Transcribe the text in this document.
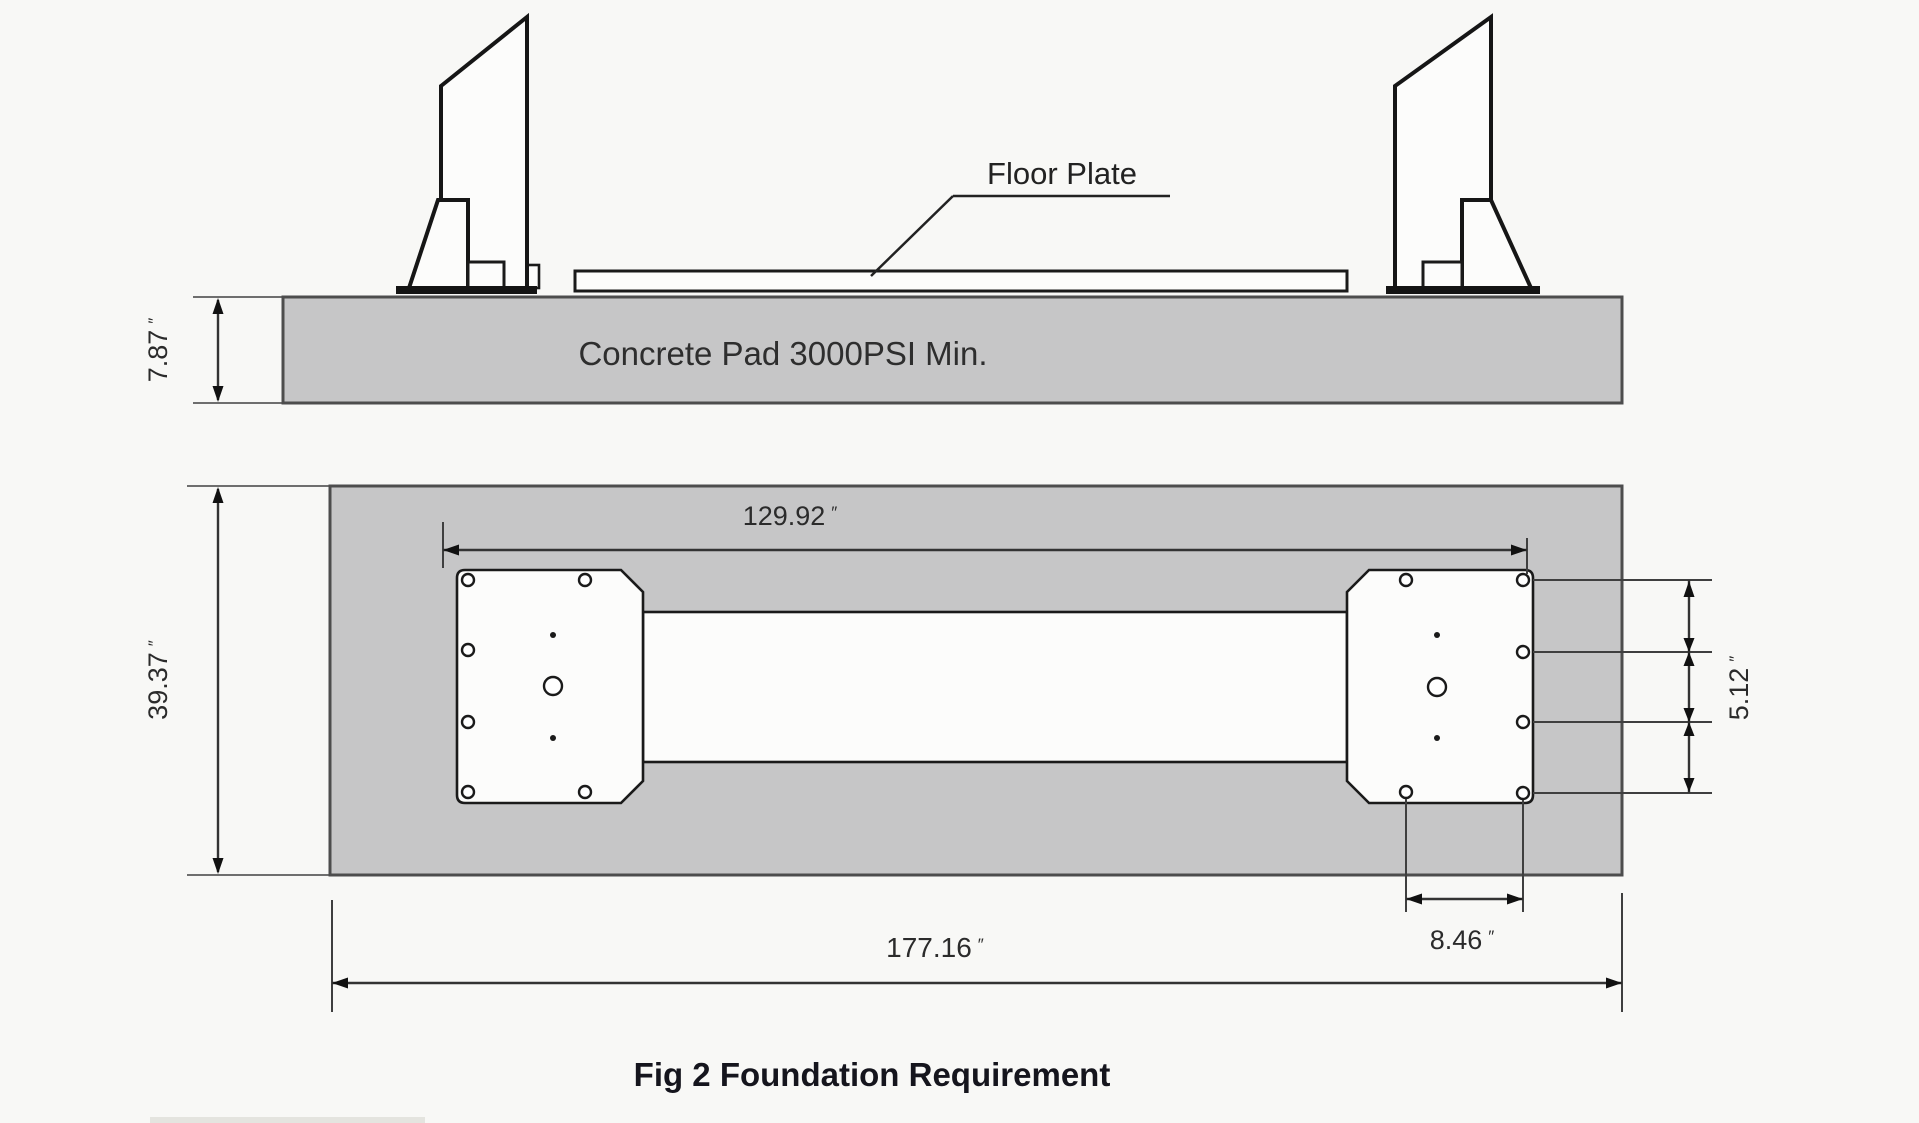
7.87″
Concrete Pad 3000PSI Min.
Floor Plate
39.37″
129.92 ″
5.12″
8.46 ″
177.16 ″
Fig 2 Foundation Requirement
